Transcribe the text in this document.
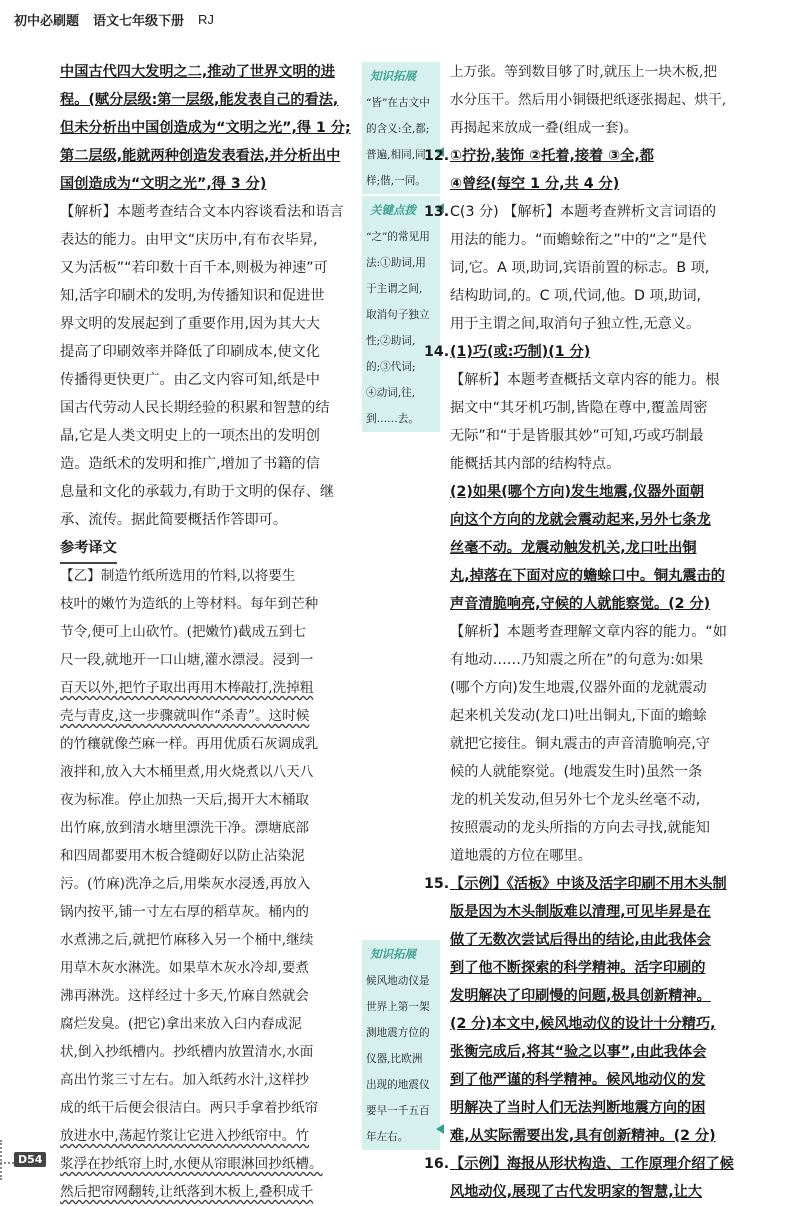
初中必刷题 语文七年级下册 RJ
中国古代四大发明之二,推动了世界文明的进
程。(赋分层级:第一层级,能发表自己的看法,
但未分析出中国创造成为“文明之光”,得 1 分;
第二层级,能就两种创造发表看法,并分析出中
国创造成为“文明之光”,得 3 分)
【解析】本题考查结合文本内容谈看法和语言
表达的能力。由甲文“庆历中,有布衣毕昇,
又为活板”“若印数十百千本,则极为神速”可
知,活字印刷术的发明,为传播知识和促进世
界文明的发展起到了重要作用,因为其大大
提高了印刷效率并降低了印刷成本,使文化
传播得更快更广。由乙文内容可知,纸是中
国古代劳动人民长期经验的积累和智慧的结
晶,它是人类文明史上的一项杰出的发明创
造。造纸术的发明和推广,增加了书籍的信
息量和文化的承载力,有助于文明的保存、继
承、流传。据此简要概括作答即可。
参考译文
【乙】制造竹纸所选用的竹料,以将要生
枝叶的嫩竹为造纸的上等材料。每年到芒种
节令,便可上山砍竹。(把嫩竹)截成五到七
尺一段,就地开一口山塘,灌水漂浸。浸到一
百天以外,把竹子取出再用木棒敲打,洗掉粗
壳与青皮,这一步骤就叫作“杀青”。这时候
的竹穰就像苎麻一样。再用优质石灰调成乳
液拌和,放入大木桶里煮,用火烧煮以八天八
夜为标准。停止加热一天后,揭开大木桶取
出竹麻,放到清水塘里漂洗干净。漂塘底部
和四周都要用木板合缝砌好以防止沾染泥
污。(竹麻)洗净之后,用柴灰水浸透,再放入
锅内按平,铺一寸左右厚的稻草灰。桶内的
水煮沸之后,就把竹麻移入另一个桶中,继续
用草木灰水淋洗。如果草木灰水冷却,要煮
沸再淋洗。这样经过十多天,竹麻自然就会
腐烂发臭。(把它)拿出来放入臼内舂成泥
状,倒入抄纸槽内。抄纸槽内放置清水,水面
高出竹浆三寸左右。加入纸药水汁,这样抄
成的纸干后便会很洁白。两只手拿着抄纸帘
放进水中,荡起竹浆让它进入抄纸帘中。竹
浆浮在抄纸帘上时,水便从帘眼淋回抄纸槽。
然后把帘网翻转,让纸落到木板上,叠积成千
知识拓展
“皆”在古文中
的含义:全,都;
普遍,相同,同
样;偕,一同。
关键点拨
“之”的常见用
法:①助词,用
于主谓之间,
取消句子独立
性;②助词,
的;③代词;
④动词,往,
到……去。
知识拓展
候风地动仪是
世界上第一架
测地震方位的
仪器,比欧洲
出现的地震仪
要早一千五百
年左右。
上万张。等到数目够了时,就压上一块木板,把
水分压干。然后用小铜镊把纸逐张揭起、烘干,
再揭起来放成一叠(组成一套)。
12.①拧扮,装饰 ②托着,接着 ③全,都
④曾经(每空 1 分,共 4 分)
13.C(3 分) 【解析】本题考查辨析文言词语的
用法的能力。“而蟾蜍衔之”中的“之”是代
词,它。A 项,助词,宾语前置的标志。B 项,
结构助词,的。C 项,代词,他。D 项,助词,
用于主谓之间,取消句子独立性,无意义。
14.(1)巧(或:巧制)(1 分)
【解析】本题考查概括文章内容的能力。根
据文中“其牙机巧制,皆隐在尊中,覆盖周密
无际”和“于是皆服其妙”可知,巧或巧制最
能概括其内部的结构特点。
(2)如果(哪个方向)发生地震,仪器外面朝
向这个方向的龙就会震动起来,另外七条龙
丝毫不动。龙震动触发机关,龙口吐出铜
丸,掉落在下面对应的蟾蜍口中。铜丸震击的
声音清脆响亮,守候的人就能察觉。(2 分)
【解析】本题考查理解文章内容的能力。“如
有地动……乃知震之所在”的句意为:如果
(哪个方向)发生地震,仪器外面的龙就震动
起来机关发动(龙口)吐出铜丸,下面的蟾蜍
就把它接住。铜丸震击的声音清脆响亮,守
候的人就能察觉。(地震发生时)虽然一条
龙的机关发动,但另外七个龙头丝毫不动,
按照震动的龙头所指的方向去寻找,就能知
道地震的方位在哪里。
15.【示例】《活板》中谈及活字印刷不用木头制
版是因为木头制版难以清理,可见毕昇是在
做了无数次尝试后得出的结论,由此我体会
到了他不断探索的科学精神。活字印刷的
发明解决了印刷慢的问题,极具创新精神。
(2 分)本文中,候风地动仪的设计十分精巧,
张衡完成后,将其“验之以事”,由此我体会
到了他严谨的科学精神。候风地动仪的发
明解决了当时人们无法判断地震方向的困
难,从实际需要出发,具有创新精神。(2 分)
16.【示例】海报从形状构造、工作原理介绍了候
风地动仪,展现了古代发明家的智慧,让大
D54
